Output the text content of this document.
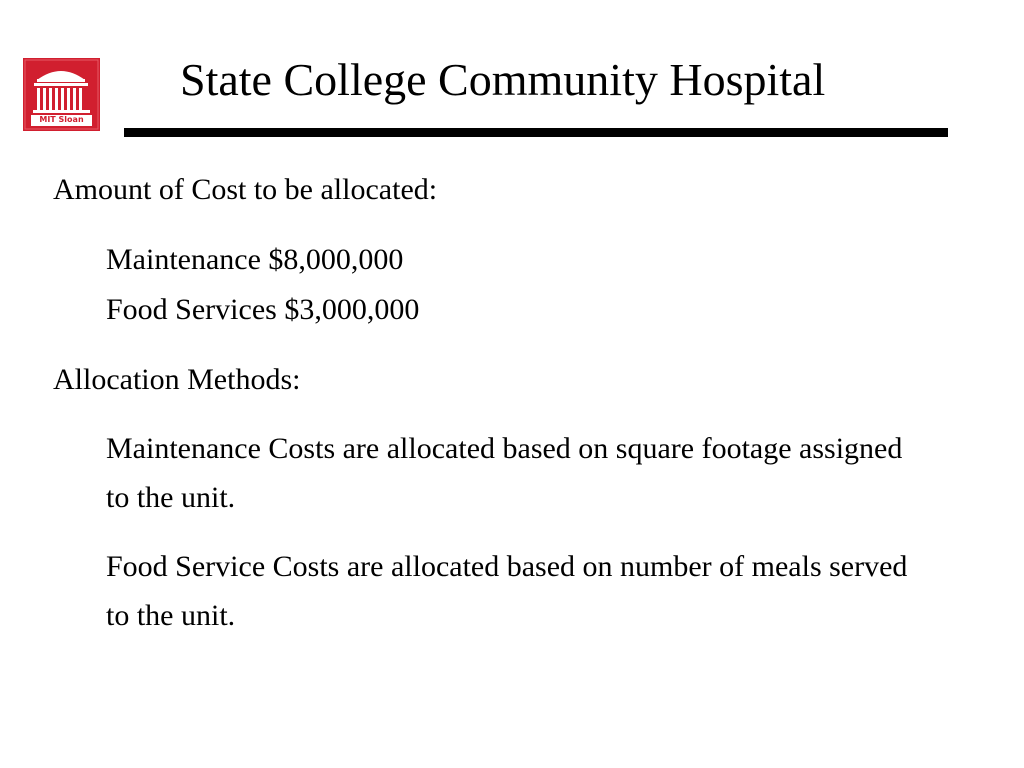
MIT Sloan
State College Community Hospital
Amount of Cost to be allocated:
Maintenance $8,000,000
Food Services $3,000,000
Allocation Methods:
Maintenance Costs are allocated based on square footage assigned
to the unit.
Food Service Costs are allocated based on number of meals served
to the unit.
